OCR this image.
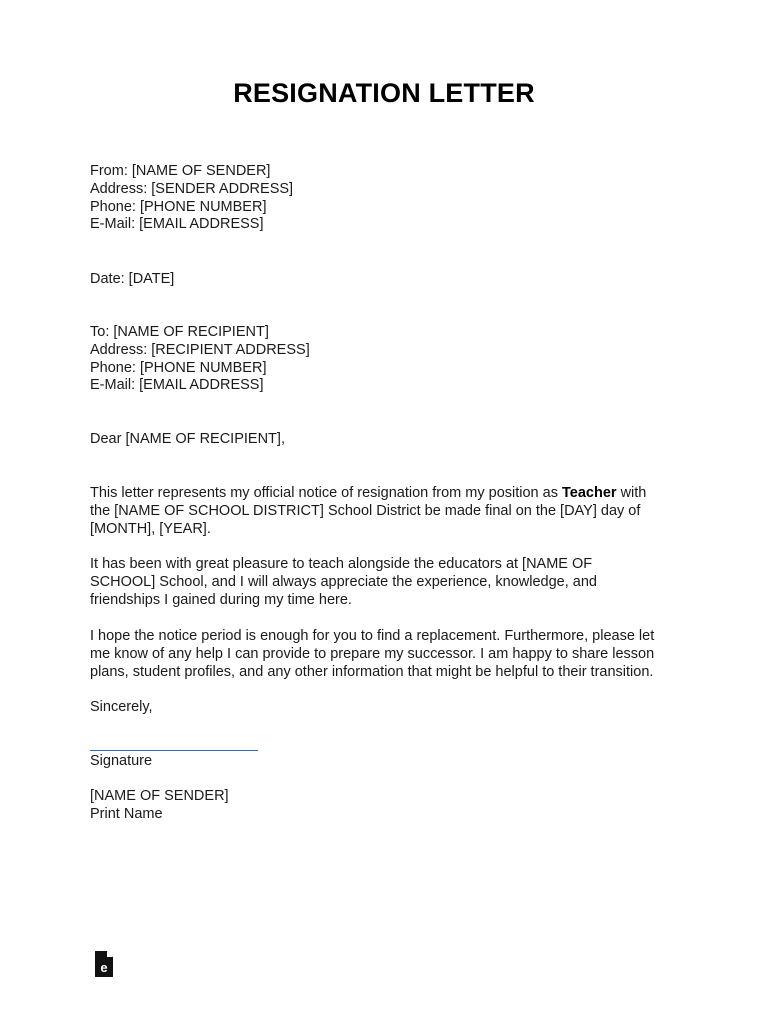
RESIGNATION LETTER
From: [NAME OF SENDER]
Address: [SENDER ADDRESS]
Phone: [PHONE NUMBER]
E-Mail: [EMAIL ADDRESS]
Date: [DATE]
To: [NAME OF RECIPIENT]
Address: [RECIPIENT ADDRESS]
Phone: [PHONE NUMBER]
E-Mail: [EMAIL ADDRESS]
Dear [NAME OF RECIPIENT],
This letter represents my official notice of resignation from my position as Teacher with
the [NAME OF SCHOOL DISTRICT] School District be made final on the [DAY] day of
[MONTH], [YEAR].
It has been with great pleasure to teach alongside the educators at [NAME OF
SCHOOL] School, and I will always appreciate the experience, knowledge, and
friendships I gained during my time here.
I hope the notice period is enough for you to find a replacement. Furthermore, please let
me know of any help I can provide to prepare my successor. I am happy to share lesson
plans, student profiles, and any other information that might be helpful to their transition.
Sincerely,
Signature
[NAME OF SENDER]
Print Name
e
